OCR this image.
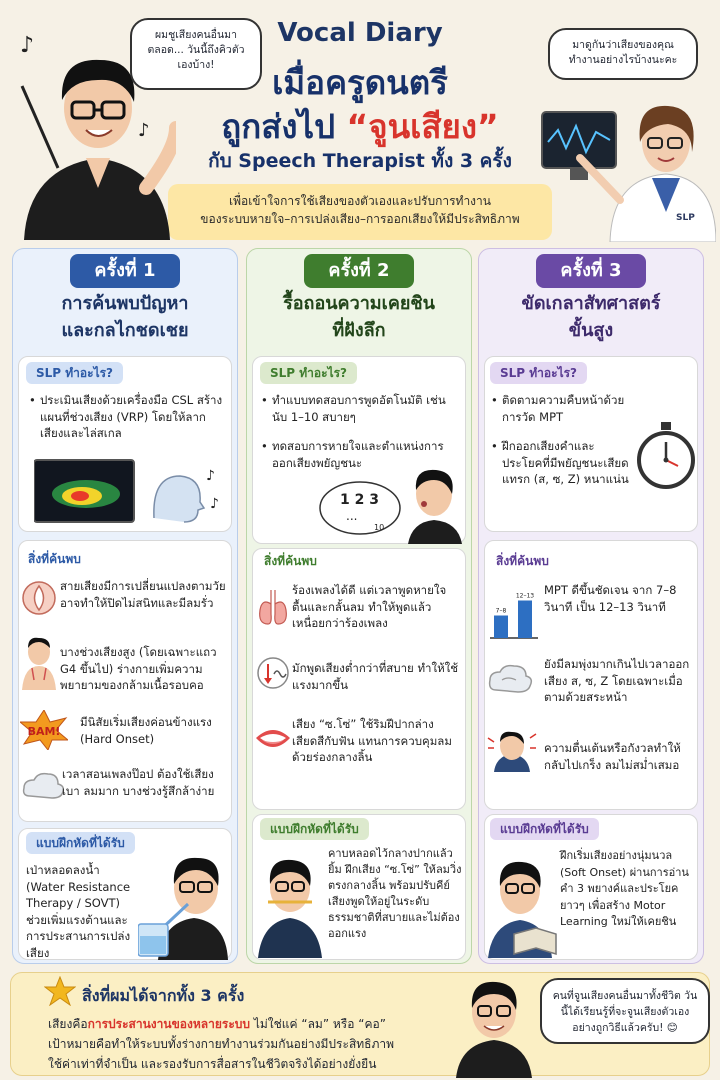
Vocal Diary
เมื่อครูดนตรี
ถูกส่งไป “จูนเสียง”
กับ Speech Therapist ทั้ง 3 ครั้ง
เพื่อเข้าใจการใช้เสียงของตัวเองและปรับการทำงาน
ของระบบหายใจ–การเปล่งเสียง–การออกเสียงให้มีประสิทธิภาพ
♪
♪
ผมชูเสียงคนอื่นมาตลอด... วันนี้ถึงคิวตัวเองบ้าง!
SLP
มาดูกันว่าเสียงของคุณทำงานอย่างไรบ้างนะคะ
ครั้งที่ 1	ครั้งที่ 2	ครั้งที่ 3
การค้นพบปัญหา
และกลไกชดเชย
รื้อถอนความเคยชิน
ที่ฝังลึก
ขัดเกลาสัทศาสตร์
ขั้นสูง
SLP ทำอะไร?
• ประเมินเสียงด้วยเครื่องมือ CSL สร้างแผนที่ช่วงเสียง (VRP) โดยให้ลากเสียงและไล่สเกล
♪
♪
สิ่งที่ค้นพบ
สายเสียงมีการเปลี่ยนแปลงตามวัย อาจทำให้ปิดไม่สนิทและมีลมรั่ว
บางช่วงเสียงสูง (โดยเฉพาะแถว G4 ขึ้นไป) ร่างกายเพิ่มความพยายามของกล้ามเนื้อรอบคอ
BAM!
มีนิสัยเริ่มเสียงค่อนข้างแรง (Hard Onset)
เวลาสอนเพลงป๊อป ต้องใช้เสียงเบา ลมมาก บางช่วงรู้สึกล้าง่าย
แบบฝึกหัดที่ได้รับ
เป่าหลอดลงน้ำ (Water Resistance Therapy / SOVT) ช่วยเพิ่มแรงต้านและการประสานการเปล่งเสียง
SLP ทำอะไร?
• ทำแบบทดสอบการพูดอัตโนมัติ เช่น นับ 1–10 สบายๆ
• ทดสอบการหายใจและตำแหน่งการออกเสียงพยัญชนะ
1 2 3
...
10
สิ่งที่ค้นพบ
ร้องเพลงได้ดี แต่เวลาพูดหายใจตื้นและกลั้นลม ทำให้พูดแล้วเหนื่อยกว่าร้องเพลง
มักพูดเสียงต่ำกว่าที่สบาย ทำให้ใช้แรงมากขึ้น
เสียง “ซ.โซ่” ใช้ริมฝีปากล่างเสียดสีกับฟัน แทนการควบคุมลมด้วยร่องกลางลิ้น
แบบฝึกหัดที่ได้รับ
คาบหลอดไว้กลางปากแล้วยิ้ม ฝึกเสียง “ซ.โซ่” ให้ลมวิ่งตรงกลางลิ้น พร้อมปรับคีย์เสียงพูดให้อยู่ในระดับธรรมชาติที่สบายและไม่ต้องออกแรง
SLP ทำอะไร?
• ติดตามความคืบหน้าด้วยการวัด MPT
• ฝึกออกเสียงคำและประโยคที่มีพยัญชนะเสียดแทรก (ส, ซ, Z) หนาแน่น
สิ่งที่ค้นพบ
7–8
12–13 MPT ดีขึ้นชัดเจน จาก 7–8 วินาที เป็น 12–13 วินาที
ยังมีลมพุ่งมากเกินไปเวลาออกเสียง ส, ซ, Z โดยเฉพาะเมื่อตามด้วยสระหน้า
ความตื่นเต้นหรือกังวลทำให้กลับไปเกร็ง ลมไม่สม่ำเสมอ
แบบฝึกหัดที่ได้รับ
ฝึกเริ่มเสียงอย่างนุ่มนวล (Soft Onset) ผ่านการอ่านคำ 3 พยางค์และประโยคยาวๆ เพื่อสร้าง Motor Learning ใหม่ให้เคยชิน
สิ่งที่ผมได้จากทั้ง 3 ครั้ง
เสียงคือการประสานงานของหลายระบบ ไม่ใช่แค่ “ลม” หรือ “คอ”
เป้าหมายคือทำให้ระบบทั้งร่างกายทำงานร่วมกันอย่างมีประสิทธิภาพ
ใช้ค่าเท่าที่จำเป็น และรองรับการสื่อสารในชีวิตจริงได้อย่างยั่งยืน
คนที่จูนเสียงคนอื่นมาทั้งชีวิต วันนี้ได้เรียนรู้ที่จะจูนเสียงตัวเองอย่างถูกวิธีแล้วครับ! 😊
